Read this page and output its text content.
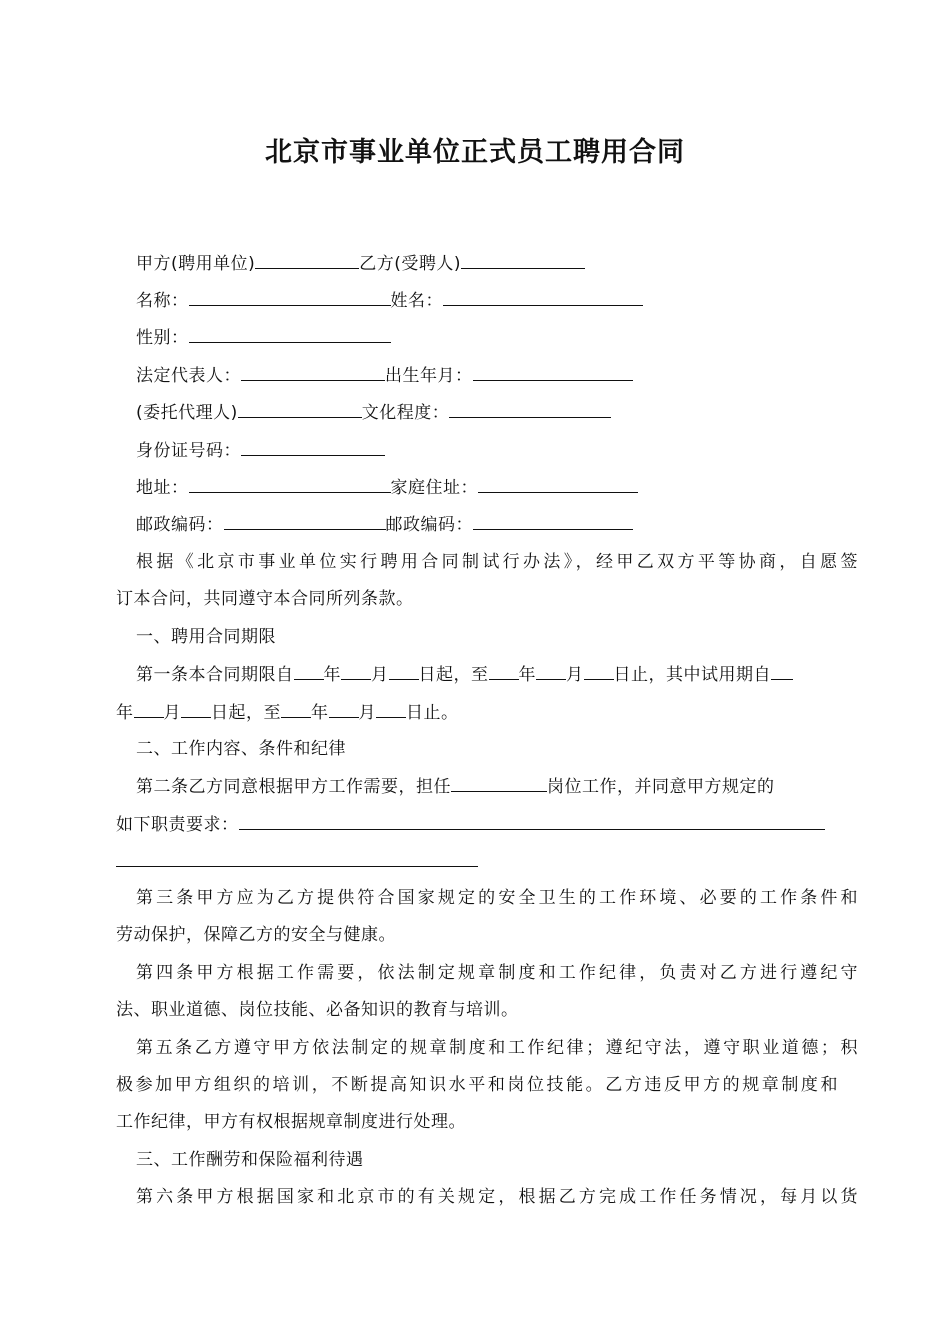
北京市事业单位正式员工聘用合同
甲方(聘用单位)	乙方(受聘人)
名称：	姓名：
性别：
法定代表人：	出生年月：
(委托代理人)	文化程度：
身份证号码：
地址：	家庭住址：
邮政编码：	邮政编码：
根据《北京市事业单位实行聘用合同制试行办法》，经甲乙双方平等协商，自愿签
订本合问，共同遵守本合同所列条款。
一、聘用合同期限
第一条本合同期限自 年 月 日起，至 年 月 日止，其中试用期自
年 月 日起，至 年 月 日止。
二、工作内容、条件和纪律
第二条乙方同意根据甲方工作需要，担任	岗位工作，并同意甲方规定的
如下职责要求：
第三条甲方应为乙方提供符合国家规定的安全卫生的工作环境、必要的工作条件和
劳动保护，保障乙方的安全与健康。
第四条甲方根据工作需要，依法制定规章制度和工作纪律，负责对乙方进行遵纪守
法、职业道德、岗位技能、必备知识的教育与培训。
第五条乙方遵守甲方依法制定的规章制度和工作纪律；遵纪守法，遵守职业道德；积
极参加甲方组织的培训，不断提高知识水平和岗位技能。乙方违反甲方的规章制度和
工作纪律，甲方有权根据规章制度进行处理。
三、工作酬劳和保险福利待遇
第六条甲方根据国家和北京市的有关规定，根据乙方完成工作任务情况，每月以货
